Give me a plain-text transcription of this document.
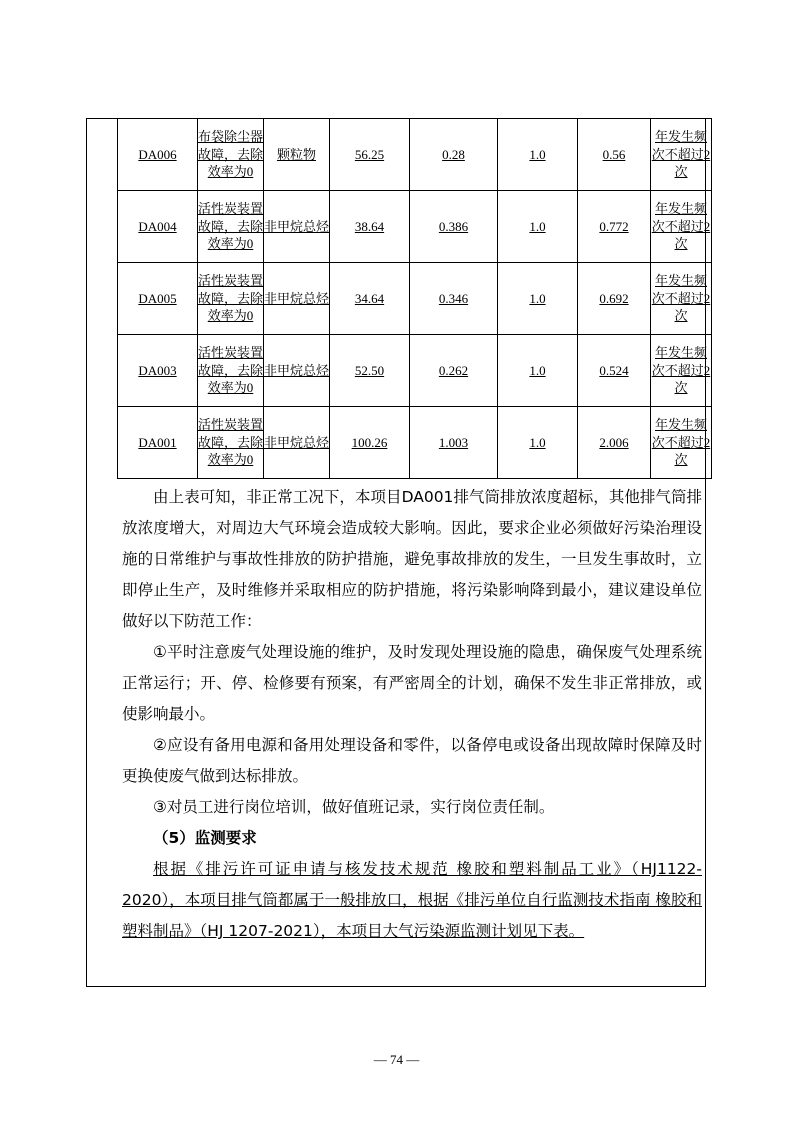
DA006	布袋除尘器故障，去除效率为0	颗粒物	56.25	0.28	1.0	0.56	年发生频次不超过2次
DA004	活性炭装置故障，去除效率为0	非甲烷总烃	38.64	0.386	1.0	0.772	年发生频次不超过2次
DA005	活性炭装置故障，去除效率为0	非甲烷总烃	34.64	0.346	1.0	0.692	年发生频次不超过2次
DA003	活性炭装置故障，去除效率为0	非甲烷总烃	52.50	0.262	1.0	0.524	年发生频次不超过2次
DA001	活性炭装置故障，去除效率为0	非甲烷总烃	100.26	1.003	1.0	2.006	年发生频次不超过2次

由上表可知，非正常工况下，本项目DA001排气筒排放浓度超标，其他排气筒排放浓度增大，对周边大气环境会造成较大影响。因此，要求企业必须做好污染治理设施的日常维护与事故性排放的防护措施，避免事故排放的发生，一旦发生事故时，立即停止生产，及时维修并采取相应的防护措施，将污染影响降到最小，建议建设单位做好以下防范工作：

①平时注意废气处理设施的维护，及时发现处理设施的隐患，确保废气处理系统正常运行；开、停、检修要有预案，有严密周全的计划，确保不发生非正常排放，或使影响最小。

②应设有备用电源和备用处理设备和零件，以备停电或设备出现故障时保障及时更换使废气做到达标排放。

③对员工进行岗位培训，做好值班记录，实行岗位责任制。

（5）监测要求

根据《排污许可证申请与核发技术规范 橡胶和塑料制品工业》（HJ1122-2020），本项目排气筒都属于一般排放口，根据《排污单位自行监测技术指南 橡胶和塑料制品》（HJ 1207-2021），本项目大气污染源监测计划见下表。

— 74 —
